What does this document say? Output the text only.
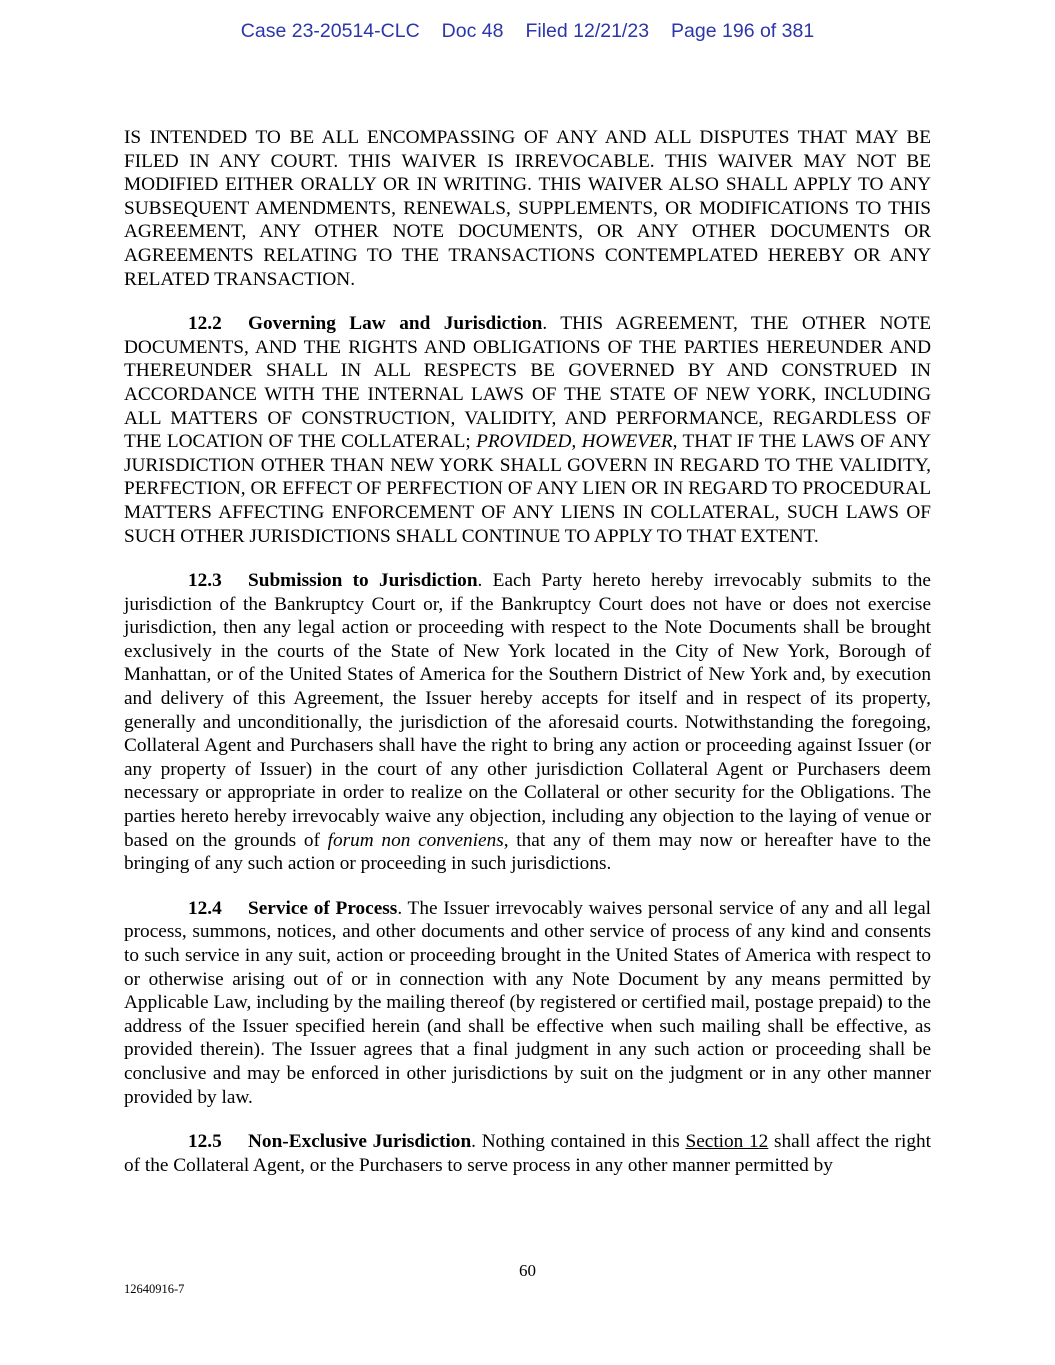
Case 23-20514-CLC Doc 48 Filed 12/21/23 Page 196 of 381

IS INTENDED TO BE ALL ENCOMPASSING OF ANY AND ALL DISPUTES THAT MAY BE FILED IN ANY COURT. THIS WAIVER IS IRREVOCABLE. THIS WAIVER MAY NOT BE MODIFIED EITHER ORALLY OR IN WRITING. THIS WAIVER ALSO SHALL APPLY TO ANY SUBSEQUENT AMENDMENTS, RENEWALS, SUPPLEMENTS, OR MODIFICATIONS TO THIS AGREEMENT, ANY OTHER NOTE DOCUMENTS, OR ANY OTHER DOCUMENTS OR AGREEMENTS RELATING TO THE TRANSACTIONS CONTEMPLATED HEREBY OR ANY RELATED TRANSACTION.

12.2 Governing Law and Jurisdiction. THIS AGREEMENT, THE OTHER NOTE DOCUMENTS, AND THE RIGHTS AND OBLIGATIONS OF THE PARTIES HEREUNDER AND THEREUNDER SHALL IN ALL RESPECTS BE GOVERNED BY AND CONSTRUED IN ACCORDANCE WITH THE INTERNAL LAWS OF THE STATE OF NEW YORK, INCLUDING ALL MATTERS OF CONSTRUCTION, VALIDITY, AND PERFORMANCE, REGARDLESS OF THE LOCATION OF THE COLLATERAL; PROVIDED, HOWEVER, THAT IF THE LAWS OF ANY JURISDICTION OTHER THAN NEW YORK SHALL GOVERN IN REGARD TO THE VALIDITY, PERFECTION, OR EFFECT OF PERFECTION OF ANY LIEN OR IN REGARD TO PROCEDURAL MATTERS AFFECTING ENFORCEMENT OF ANY LIENS IN COLLATERAL, SUCH LAWS OF SUCH OTHER JURISDICTIONS SHALL CONTINUE TO APPLY TO THAT EXTENT.

12.3 Submission to Jurisdiction. Each Party hereto hereby irrevocably submits to the jurisdiction of the Bankruptcy Court or, if the Bankruptcy Court does not have or does not exercise jurisdiction, then any legal action or proceeding with respect to the Note Documents shall be brought exclusively in the courts of the State of New York located in the City of New York, Borough of Manhattan, or of the United States of America for the Southern District of New York and, by execution and delivery of this Agreement, the Issuer hereby accepts for itself and in respect of its property, generally and unconditionally, the jurisdiction of the aforesaid courts. Notwithstanding the foregoing, Collateral Agent and Purchasers shall have the right to bring any action or proceeding against Issuer (or any property of Issuer) in the court of any other jurisdiction Collateral Agent or Purchasers deem necessary or appropriate in order to realize on the Collateral or other security for the Obligations. The parties hereto hereby irrevocably waive any objection, including any objection to the laying of venue or based on the grounds of forum non conveniens, that any of them may now or hereafter have to the bringing of any such action or proceeding in such jurisdictions.

12.4 Service of Process. The Issuer irrevocably waives personal service of any and all legal process, summons, notices, and other documents and other service of process of any kind and consents to such service in any suit, action or proceeding brought in the United States of America with respect to or otherwise arising out of or in connection with any Note Document by any means permitted by Applicable Law, including by the mailing thereof (by registered or certified mail, postage prepaid) to the address of the Issuer specified herein (and shall be effective when such mailing shall be effective, as provided therein). The Issuer agrees that a final judgment in any such action or proceeding shall be conclusive and may be enforced in other jurisdictions by suit on the judgment or in any other manner provided by law.

12.5 Non-Exclusive Jurisdiction. Nothing contained in this Section 12 shall affect the right of the Collateral Agent, or the Purchasers to serve process in any other manner permitted by

60
12640916-7
